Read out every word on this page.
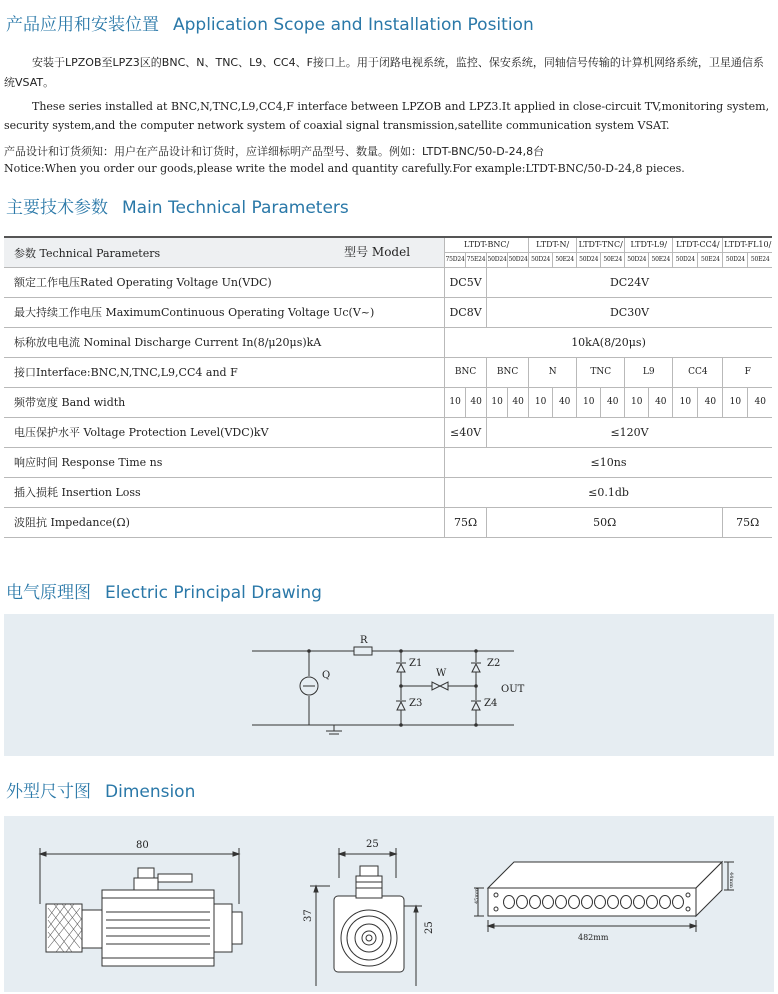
产品应用和安装位置 Application Scope and Installation Position

安装于LPZOB至LPZ3区的BNC、N、TNC、L9、CC4、F接口上。用于闭路电视系统，监控、保安系统，同轴信号传输的计算机网络系统，卫星通信系统VSAT。

These series installed at BNC,N,TNC,L9,CC4,F interface between LPZOB and LPZ3.It applied in close-circuit TV,monitoring system, security system,and the computer network system of coaxial signal transmission,satellite communication system VSAT.

产品设计和订货须知：用户在产品设计和订货时，应详细标明产品型号、数量。例如：LTDT-BNC/50-D-24,8台

Notice:When you order our goods,please write the model and quantity carefully.For example:LTDT-BNC/50-D-24,8 pieces.

主要技术参数 Main Technical Parameters
型号 Model
参数 Technical Parameters	LTDT-BNC/				LTDT-N/		LTDT-TNC/		LTDT-L9/		LTDT-CC4/		LTDT-FL10/	
	75D24	75E24	50D24	50D24	50D24	50E24	50D24	50E24	50D24	50E24	50D24	50E24	50D24	50E24
额定工作电压Rated Operating Voltage Un(VDC)	DC5V		DC24V											
最大持续工作电压 MaximumContinuous Operating Voltage Uc(V~)	DC8V		DC30V											
标称放电电流 Nominal Discharge Current In(8/μ20μs)kA	10kA(8/20μs)													
接口Interface:BNC,N,TNC,L9,CC4 and F	BNC		BNC		N		TNC		L9		CC4		F	
频带宽度 Band width	10	40	10	40	10	40	10	40	10	40	10	40	10	40
电压保护水平 Voltage Protection Level(VDC)kV	≤40V		≤120V											
响应时间 Response Time ns	≤10ns													
插入损耗 Insertion Loss	≤0.1db													
波阻抗 Impedance(Ω)	75Ω		50Ω										75Ω	
电气原理图 Electric Principal Drawing
R
Q
Z1	Z2
Z3	Z4
W
OUT
外型尺寸图 Dimension
80	25
37
25
482mm
45mm
44mm
